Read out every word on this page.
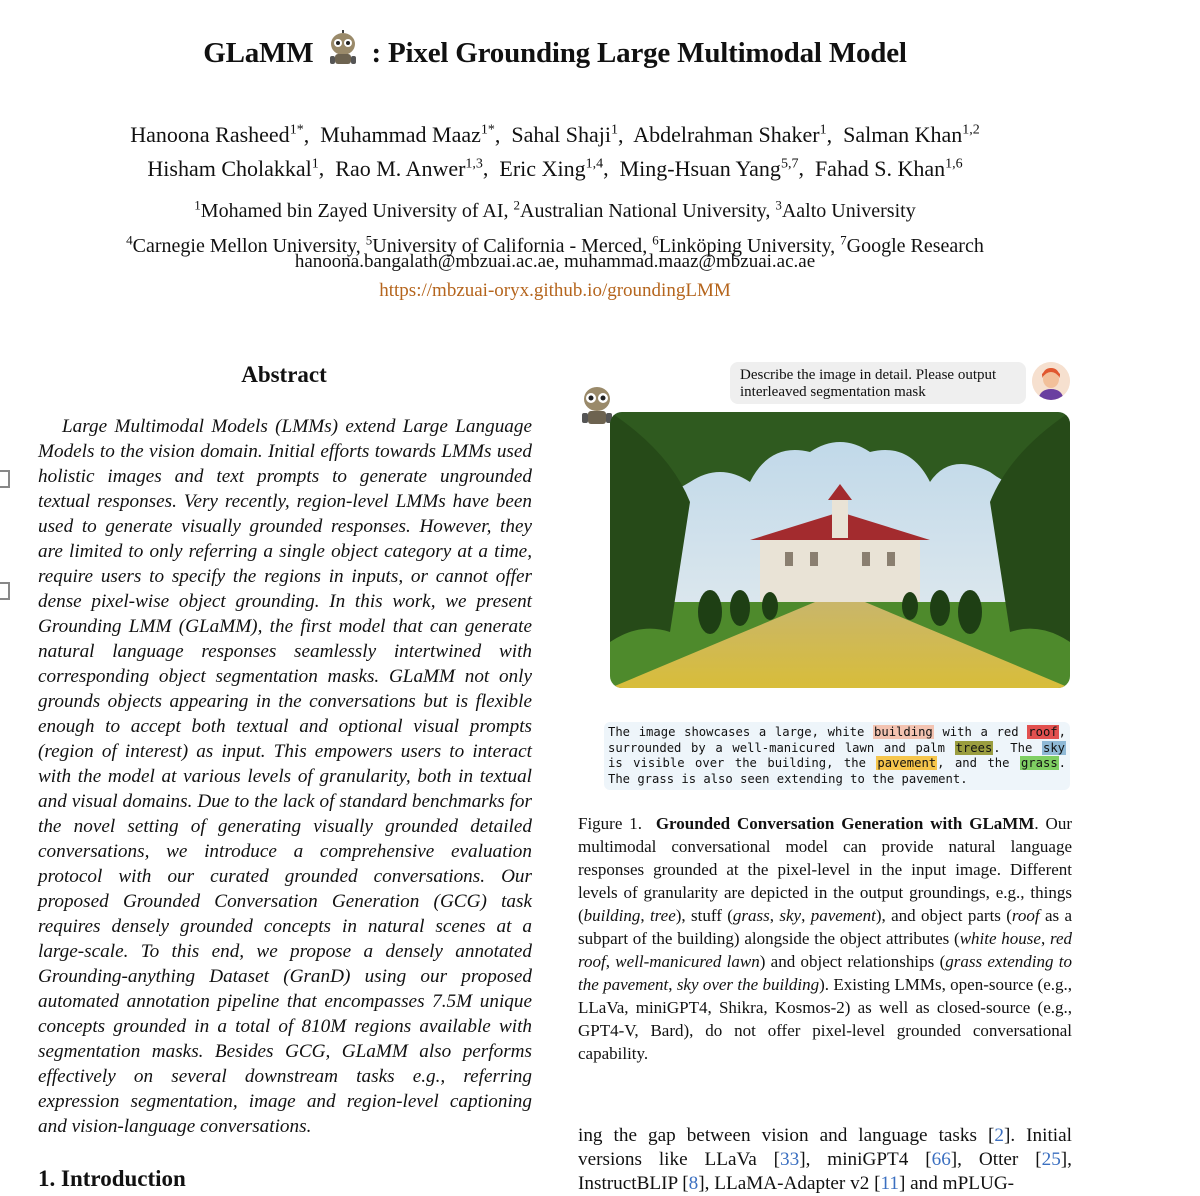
GLaMM : Pixel Grounding Large Multimodal Model
Hanoona Rasheed$^{1*}$,  Muhammad Maaz$^{1*}$,  Sahal Shaji$^1$,  Abdelrahman Shaker$^1$,  Salman Khan$^{1,2}$
Hisham Cholakkal$^1$,  Rao M. Anwer$^{1,3}$,  Eric Xing$^{1,4}$,  Ming-Hsuan Yang$^{5,7}$,  Fahad S. Khan$^{1,6}$
$^1$Mohamed bin Zayed University of AI, $^2$Australian National University, $^3$Aalto University
$^4$Carnegie Mellon University, $^5$University of California - Merced, $^6$Linköping University, $^7$Google Research
hanoona.bangalath@mbzuai.ac.ae, muhammad.maaz@mbzuai.ac.ae
https://mbzuai-oryx.github.io/groundingLMM
Abstract

Large Multimodal Models (LMMs) extend Large Language Models to the vision domain. Initial efforts towards LMMs used holistic images and text prompts to generate ungrounded textual responses. Very recently, region-level LMMs have been used to generate visually grounded responses. However, they are limited to only referring a single object category at a time, require users to specify the regions in inputs, or cannot offer dense pixel-wise object grounding. In this work, we present Grounding LMM (GLaMM), the first model that can generate natural language responses seamlessly intertwined with corresponding object segmentation masks. GLaMM not only grounds objects appearing in the conversations but is flexible enough to accept both textual and optional visual prompts (region of interest) as input. This empowers users to interact with the model at various levels of granularity, both in textual and visual domains. Due to the lack of standard benchmarks for the novel setting of generating visually grounded detailed conversations, we introduce a comprehensive evaluation protocol with our curated grounded conversations. Our proposed Grounded Conversation Generation (GCG) task requires densely grounded concepts in natural scenes at a large-scale. To this end, we propose a densely annotated Grounding-anything Dataset (GranD) using our proposed automated annotation pipeline that encompasses 7.5M unique concepts grounded in a total of 810M regions available with segmentation masks. Besides GCG, GLaMM also performs effectively on several downstream tasks e.g., referring expression segmentation, image and region-level captioning and vision-language conversations.

1. Introduction
Describe the image in detail. Please output interleaved segmentation mask
The image showcases a large, white building with a red roof, surrounded by a well-manicured lawn and palm trees. The sky is visible over the building, the pavement, and the grass. The grass is also seen extending to the pavement.

Figure 1. Grounded Conversation Generation with GLaMM. Our multimodal conversational model can provide natural language responses grounded at the pixel-level in the input image. Different levels of granularity are depicted in the output groundings, e.g., things (building, tree), stuff (grass, sky, pavement), and object parts (roof as a subpart of the building) alongside the object attributes (white house, red roof, well-manicured lawn) and object relationships (grass extending to the pavement, sky over the building). Existing LMMs, open-source (e.g., LLaVa, miniGPT4, Shikra, Kosmos-2) as well as closed-source (e.g., GPT4-V, Bard), do not offer pixel-level grounded conversational capability.

ing the gap between vision and language tasks [2]. Initial versions like LLaVa [33], miniGPT4 [66], Otter [25], InstructBLIP [8], LLaMA-Adapter v2 [11] and mPLUG-
